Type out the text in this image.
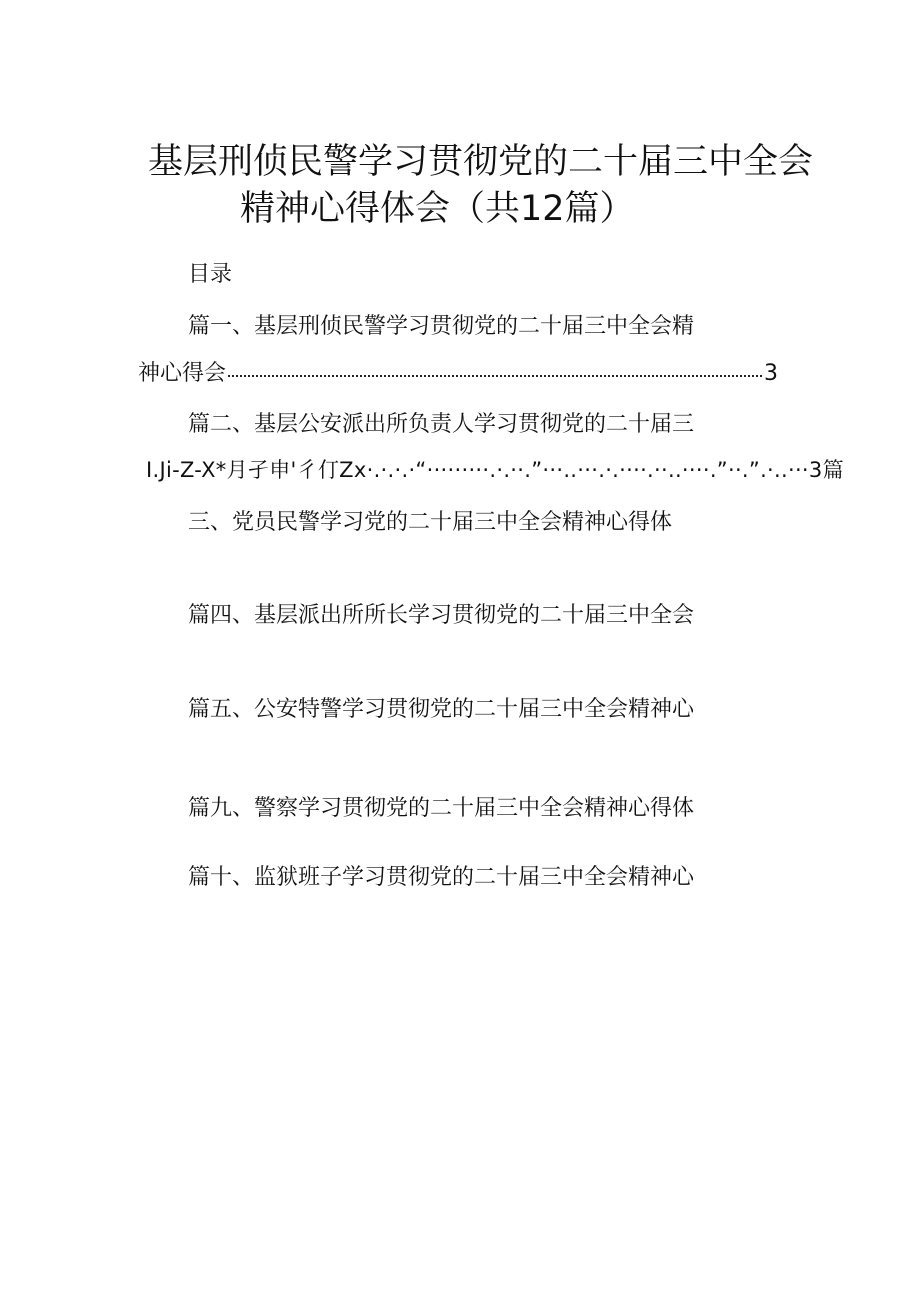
基层刑侦民警学习贯彻党的二十届三中全会
精神心得体会（共12篇）
目录
篇一、基层刑侦民警学习贯彻党的二十届三中全会精
神心得会	3
篇二、基层公安派出所负责人学习贯彻党的二十届三
I.Ji-Z-X*月孑申'彳仃Zx·.·.·.·“·········.·.··.”···..···.·.····.··..····.”··.”.·..···3篇
三、党员民警学习党的二十届三中全会精神心得体
篇四、基层派出所所长学习贯彻党的二十届三中全会
篇五、公安特警学习贯彻党的二十届三中全会精神心
篇九、警察学习贯彻党的二十届三中全会精神心得体
篇十、监狱班子学习贯彻党的二十届三中全会精神心
